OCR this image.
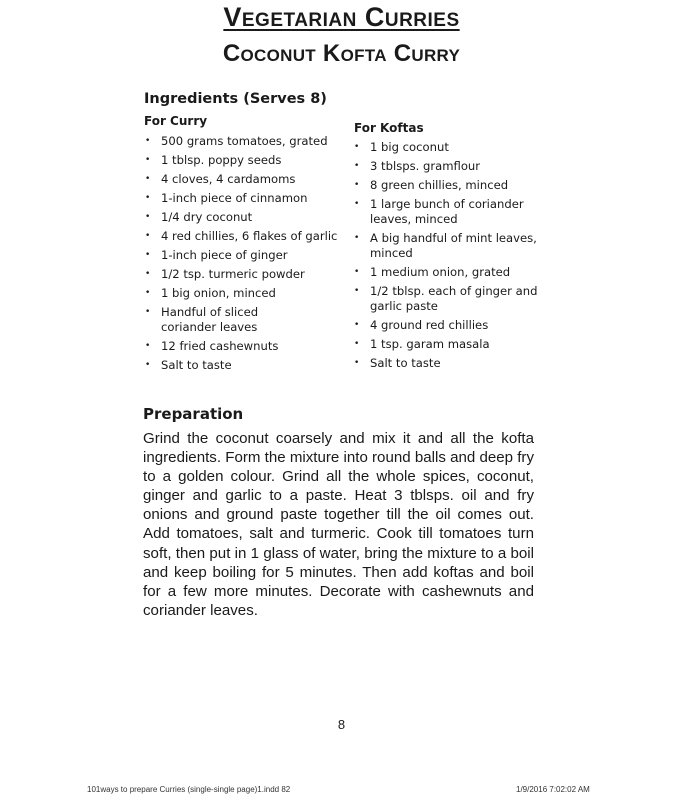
Vegetarian Curries
Coconut Kofta Curry
Ingredients (Serves 8)
For Curry
• 500 grams tomatoes, grated
• 1 tblsp. poppy seeds
• 4 cloves, 4 cardamoms
• 1-inch piece of cinnamon
• 1/4 dry coconut
• 4 red chillies, 6 flakes of garlic
• 1-inch piece of ginger
• 1/2 tsp. turmeric powder
• 1 big onion, minced
• Handful of sliced coriander leaves
• 12 fried cashewnuts
• Salt to taste
For Koftas
• 1 big coconut
• 3 tblsps. gramflour
• 8 green chillies, minced
• 1 large bunch of coriander leaves, minced
• A big handful of mint leaves, minced
• 1 medium onion, grated
• 1/2 tblsp. each of ginger and garlic paste
• 4 ground red chillies
• 1 tsp. garam masala
• Salt to taste
Preparation

Grind the coconut coarsely and mix it and all the kofta ingredients. Form the mixture into round balls and deep fry to a golden colour. Grind all the whole spices, coconut, ginger and garlic to a paste. Heat 3 tblsps. oil and fry onions and ground paste together till the oil comes out. Add tomatoes, salt and turmeric. Cook till tomatoes turn soft, then put in 1 glass of water, bring the mixture to a boil and keep boiling for 5 minutes. Then add koftas and boil for a few more minutes. Decorate with cashewnuts and coriander leaves.

8
101ways to prepare Curries (single-single page)1.indd 82	1/9/2016 7:02:02 AM
